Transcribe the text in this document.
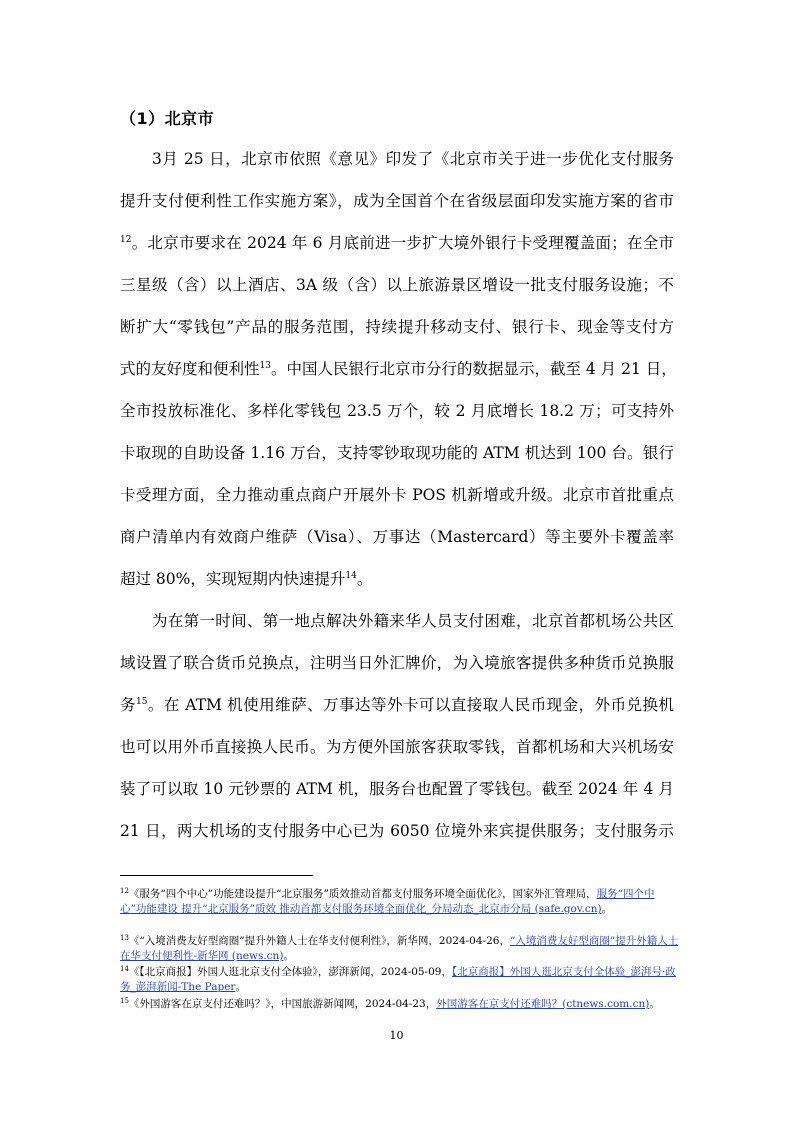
（1）北京市
3月 25 日，北京市依照《意见》印发了《北京市关于进一步优化支付服务
提升支付便利性工作实施方案》，成为全国首个在省级层面印发实施方案的省市
$^{12}$。北京市要求在 2024 年 6 月底前进一步扩大境外银行卡受理覆盖面；在全市
三星级（含）以上酒店、3A 级（含）以上旅游景区增设一批支付服务设施；不
断扩大“零钱包”产品的服务范围，持续提升移动支付、银行卡、现金等支付方
式的友好度和便利性$^{13}$。中国人民银行北京市分行的数据显示，截至 4 月 21 日，
全市投放标准化、多样化零钱包 23.5 万个，较 2 月底增长 18.2 万；可支持外
卡取现的自助设备 1.16 万台，支持零钞取现功能的 ATM 机达到 100 台。银行
卡受理方面，全力推动重点商户开展外卡 POS 机新增或升级。北京市首批重点
商户清单内有效商户维萨（Visa）、万事达（Mastercard）等主要外卡覆盖率
超过 80%，实现短期内快速提升$^{14}$。
为在第一时间、第一地点解决外籍来华人员支付困难，北京首都机场公共区
域设置了联合货币兑换点，注明当日外汇牌价，为入境旅客提供多种货币兑换服
务$^{15}$。在 ATM 机使用维萨、万事达等外卡可以直接取人民币现金，外币兑换机
也可以用外币直接换人民币。为方便外国旅客获取零钱，首都机场和大兴机场安
装了可以取 10 元钞票的 ATM 机，服务台也配置了零钱包。截至 2024 年 4 月
21 日，两大机场的支付服务中心已为 6050 位境外来宾提供服务；支付服务示
$^{12}$《服务“四个中心”功能建设提升“北京服务”质效推动首都支付服务环境全面优化》，国家外汇管理局，服务“四个中心”功能建设 提升“北京服务”质效 推动首都支付服务环境全面优化_分局动态_北京市分局 (safe.gov.cn)。
$^{13}$《“入境消费友好型商圈”提升外籍人士在华支付便利性》，新华网，2024-04-26，“入境消费友好型商圈”提升外籍人士在华支付便利性-新华网 (news.cn)。
$^{14}$《【北京商报】外国人逛北京支付全体验》，澎湃新闻，2024-05-09，【北京商报】外国人逛北京支付全体验_澎湃号·政务_澎湃新闻-The Paper。
$^{15}$《外国游客在京支付还难吗？》，中国旅游新闻网，2024-04-23，外国游客在京支付还难吗？(ctnews.com.cn)。
10
